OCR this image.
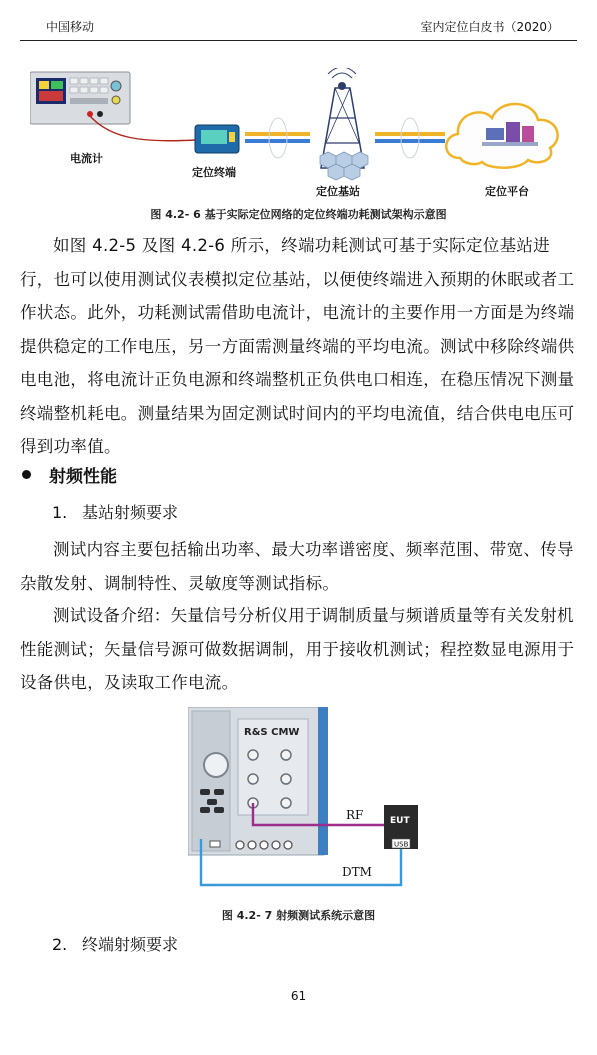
中国移动	室内定位白皮书（2020）
电流计
定位终端
定位基站	定位平台
图 4.2- 6 基于实际定位网络的定位终端功耗测试架构示意图
如图 4.2-5 及图 4.2-6 所示，终端功耗测试可基于实际定位基站进行，也可以使用测试仪表模拟定位基站，以便使终端进入预期的休眠或者工作状态。此外，功耗测试需借助电流计，电流计的主要作用一方面是为终端提供稳定的工作电压，另一方面需测量终端的平均电流。测试中移除终端供电电池，将电流计正负电源和终端整机正负供电口相连，在稳压情况下测量终端整机耗电。测量结果为固定测试时间内的平均电流值，结合供电电压可得到功率值。
射频性能
1. 基站射频要求
测试内容主要包括输出功率、最大功率谱密度、频率范围、带宽、传导杂散发射、调制特性、灵敏度等测试指标。
测试设备介绍：矢量信号分析仪用于调制质量与频谱质量等有关发射机性能测试；矢量信号源可做数据调制，用于接收机测试；程控数显电源用于设备供电，及读取工作电流。
R&S CMW
RF	EUT
USB
DTM
图 4.2- 7 射频测试系统示意图
2. 终端射频要求
61
